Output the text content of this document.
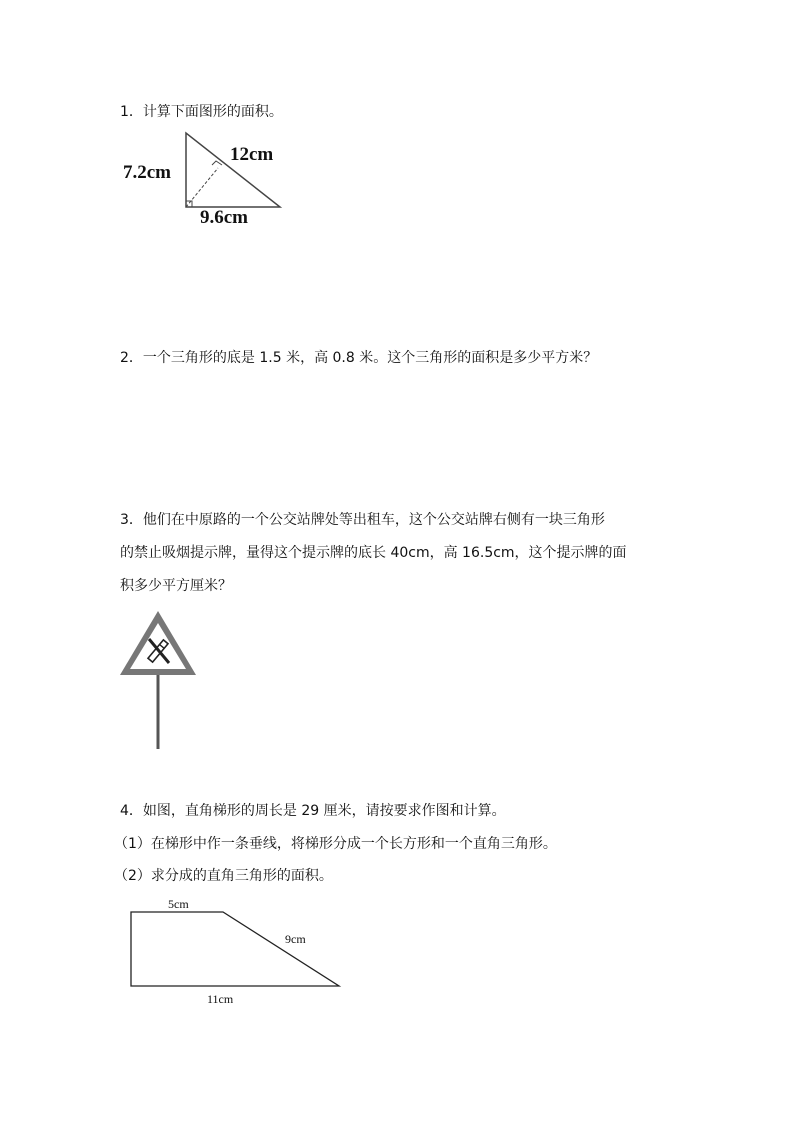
1．计算下面图形的面积。
7.2cm
12cm
9.6cm
2．一个三角形的底是 1.5 米，高 0.8 米。这个三角形的面积是多少平方米？
3．他们在中原路的一个公交站牌处等出租车，这个公交站牌右侧有一块三角形
的禁止吸烟提示牌，量得这个提示牌的底长 40cm，高 16.5cm，这个提示牌的面
积多少平方厘米？
4．如图，直角梯形的周长是 29 厘米，请按要求作图和计算。
（1）在梯形中作一条垂线，将梯形分成一个长方形和一个直角三角形。
（2）求分成的直角三角形的面积。
5cm
9cm
11cm
